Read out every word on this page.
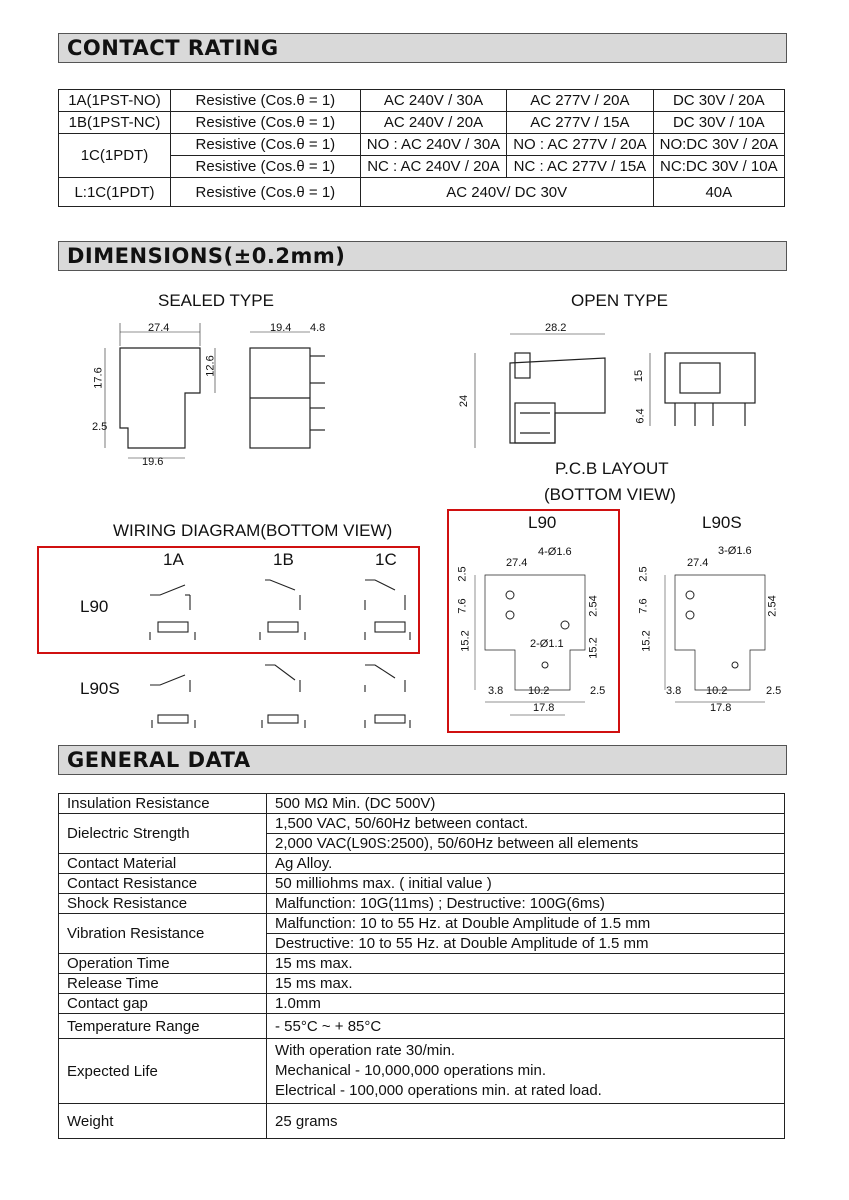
CONTACT RATING
1A(1PST-NO)	Resistive (Cos.θ = 1)	AC 240V / 30A	AC 277V / 20A	DC 30V / 20A
1B(1PST-NC)	Resistive (Cos.θ = 1)	AC 240V / 20A	AC 277V / 15A	DC 30V / 10A
1C(1PDT)	Resistive (Cos.θ = 1)	NO : AC 240V / 30A	NO : AC 277V / 20A	NO:DC 30V / 20A
	Resistive (Cos.θ = 1)	NC : AC 240V / 20A	NC : AC 277V / 15A	NC:DC 30V / 10A
L:1C(1PDT)	Resistive (Cos.θ = 1)	AC 240V/ DC 30V		40A
DIMENSIONS(±0.2mm)
SEALED TYPE	OPEN TYPE
27.4
17.6
12.6
2.5
19.6
19.4 4.8	28.2
24
15
6.4
P.C.B LAYOUT
(BOTTOM VIEW)
WIRING DIAGRAM(BOTTOM VIEW)
1A	1B	1C
L90
L90S
L90	L90S
27.4
4-Ø1.6
2.5
7.6
15.2
2.54
15.2
2-Ø1.1
3.8 10.2	2.5
17.8
27.4
3-Ø1.6
2.5
7.6
15.2
2.54
3.8 10.2	2.5
17.8
GENERAL DATA
Insulation Resistance	500 MΩ Min. (DC 500V)
Dielectric Strength	1,500 VAC, 50/60Hz between contact.
	2,000 VAC(L90S:2500), 50/60Hz between all elements
Contact Material	Ag Alloy.
Contact Resistance	50 milliohms max. ( initial value )
Shock Resistance	Malfunction: 10G(11ms) ; Destructive: 100G(6ms)
Vibration Resistance	Malfunction: 10 to 55 Hz. at Double Amplitude of 1.5 mm
	Destructive: 10 to 55 Hz. at Double Amplitude of 1.5 mm
Operation Time	15 ms max.
Release Time	15 ms max.
Contact gap	1.0mm
Temperature Range	- 55°C ~ + 85°C
Expected Life	With operation rate 30/min.
Mechanical - 10,000,000 operations min.
Electrical - 100,000 operations min. at rated load.

Weight	25 grams
